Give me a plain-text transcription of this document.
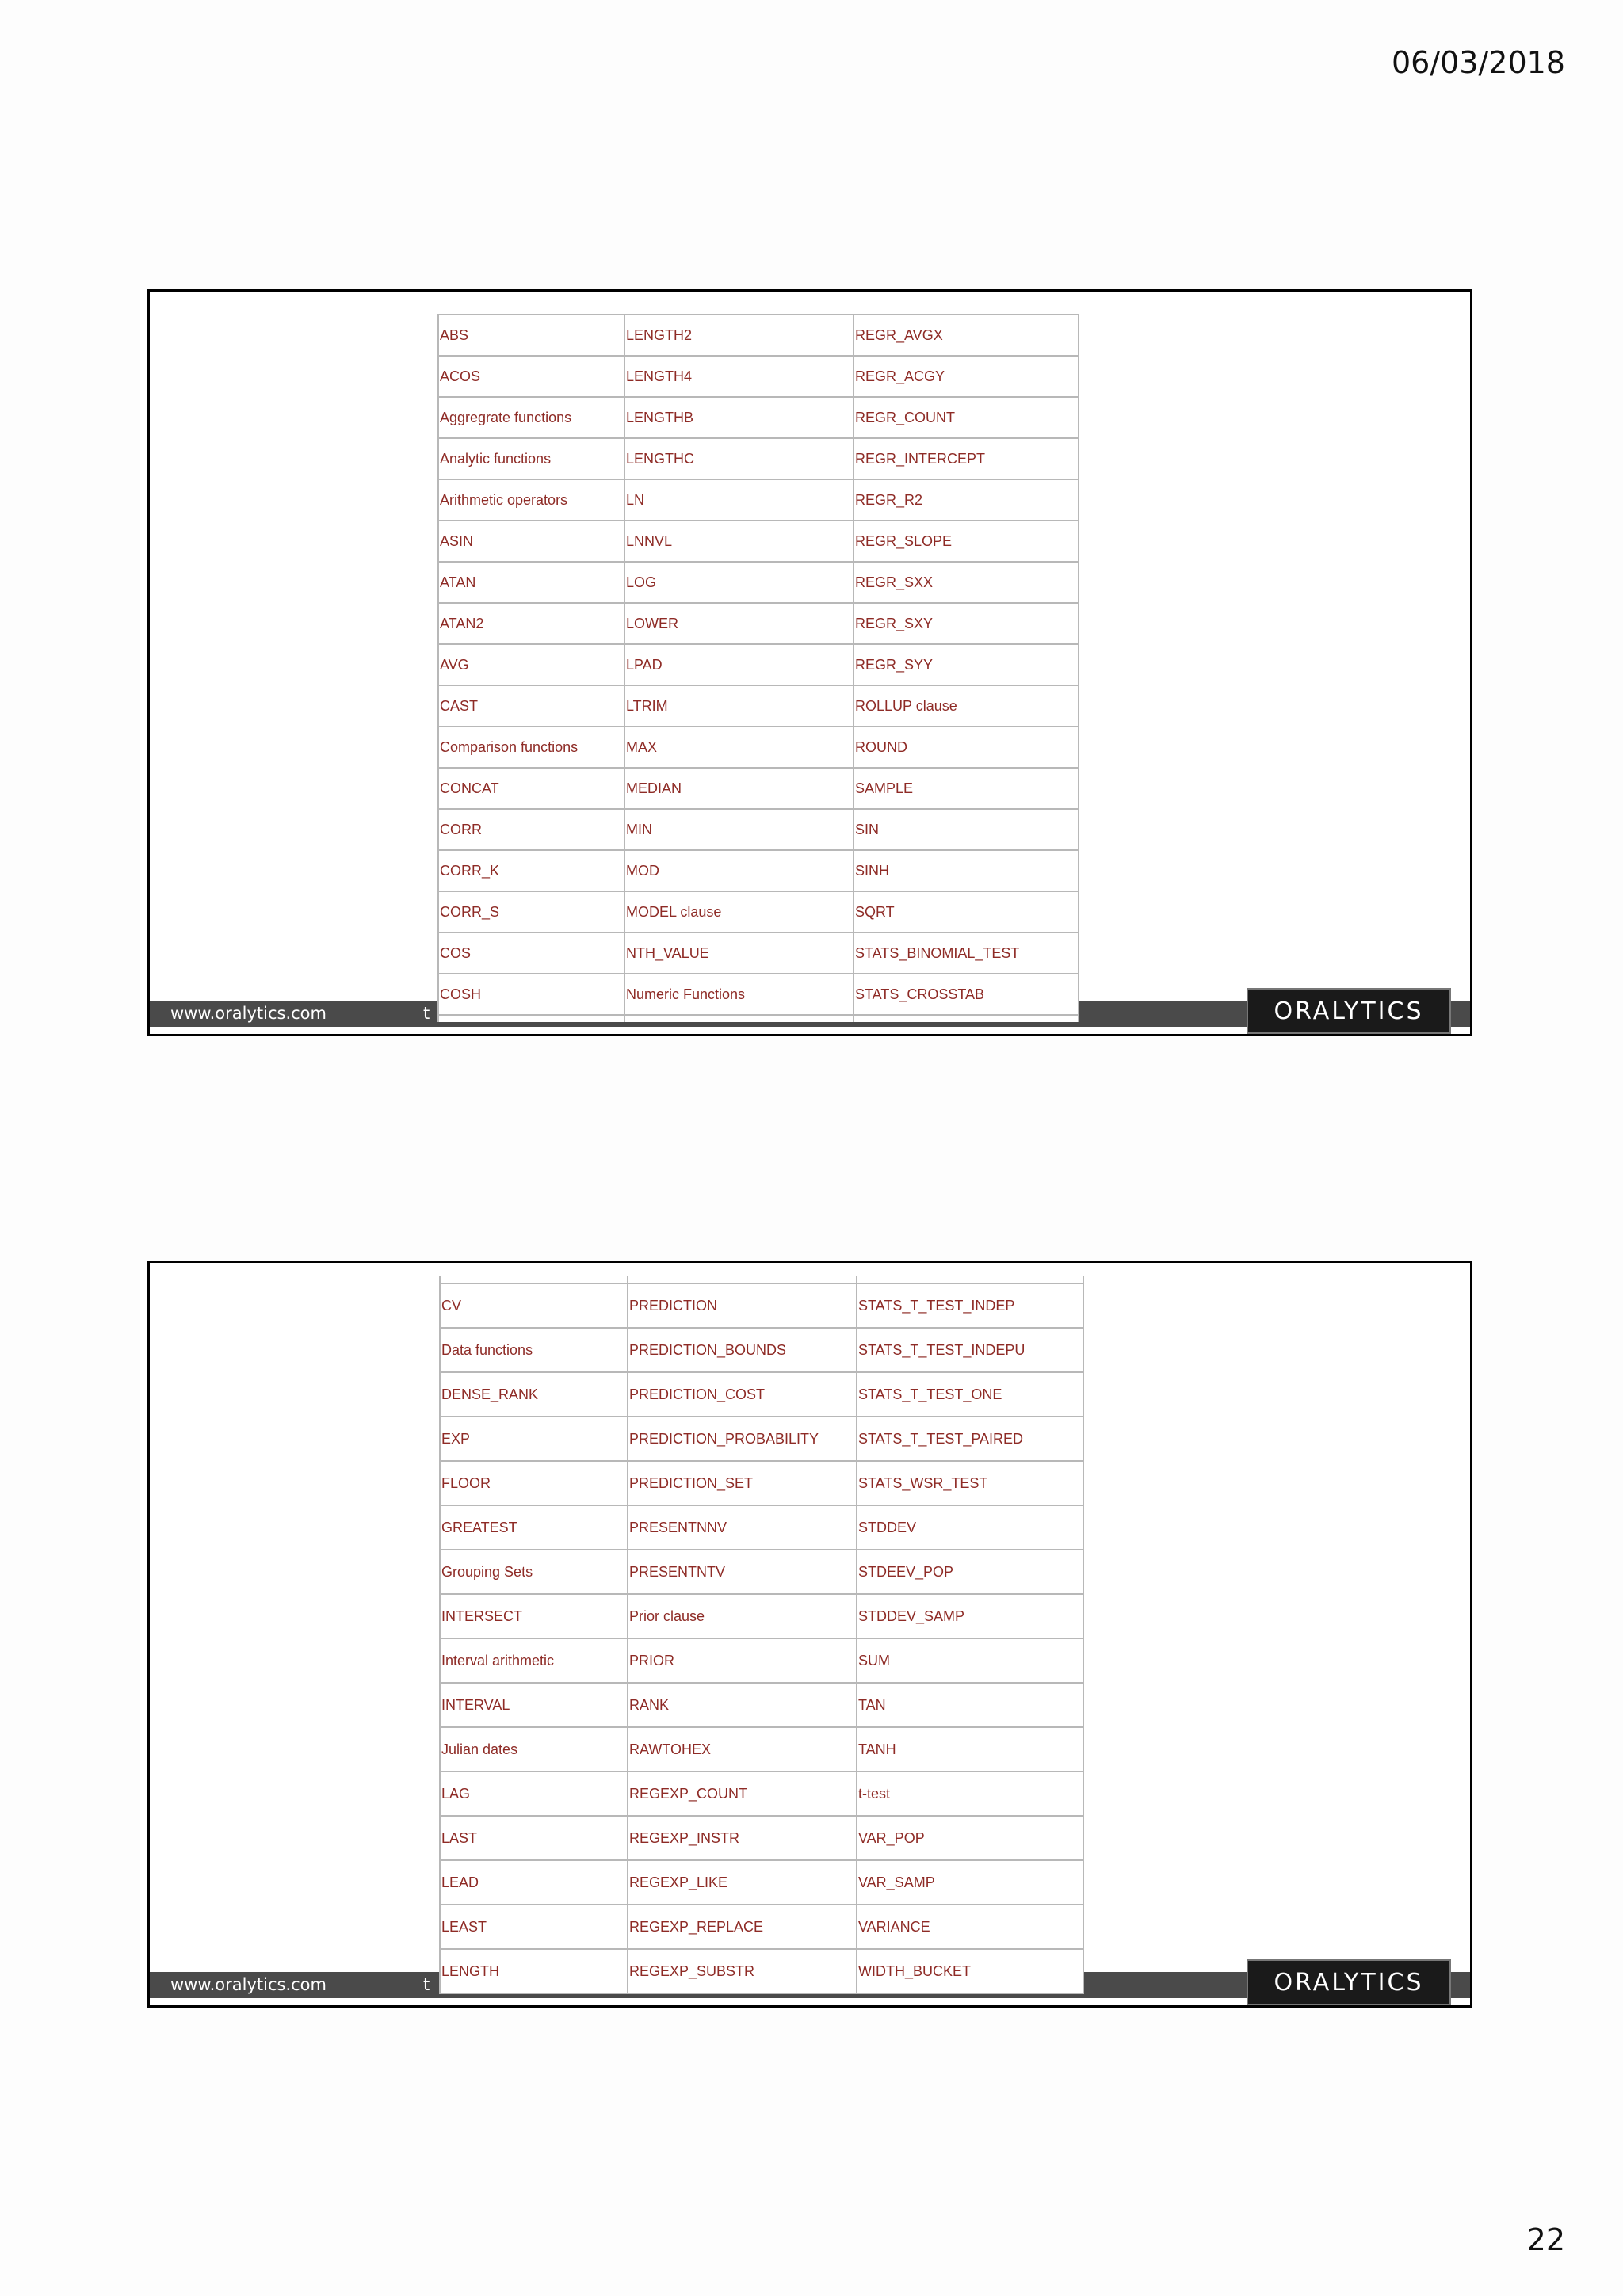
06/03/2018
ABS	LENGTH2	REGR_AVGX
ACOS	LENGTH4	REGR_ACGY
Aggregrate functions	LENGTHB	REGR_COUNT
Analytic functions	LENGTHC	REGR_INTERCEPT
Arithmetic operators	LN	REGR_R2
ASIN	LNNVL	REGR_SLOPE
ATAN	LOG	REGR_SXX
ATAN2	LOWER	REGR_SXY
AVG	LPAD	REGR_SYY
CAST	LTRIM	ROLLUP clause
Comparison functions	MAX	ROUND
CONCAT	MEDIAN	SAMPLE
CORR	MIN	SIN
CORR_K	MOD	SINH
CORR_S	MODEL clause	SQRT
COS	NTH_VALUE	STATS_BINOMIAL_TEST
COSH	Numeric Functions	STATS_CROSSTAB

www.oralytics.com	t	ORALYTICS

CV	PREDICTION	STATS_T_TEST_INDEP
Data functions	PREDICTION_BOUNDS	STATS_T_TEST_INDEPU
DENSE_RANK	PREDICTION_COST	STATS_T_TEST_ONE
EXP	PREDICTION_PROBABILITY	STATS_T_TEST_PAIRED
FLOOR	PREDICTION_SET	STATS_WSR_TEST
GREATEST	PRESENTNNV	STDDEV
Grouping Sets	PRESENTNTV	STDEEV_POP
INTERSECT	Prior clause	STDDEV_SAMP
Interval arithmetic	PRIOR	SUM
INTERVAL	RANK	TAN
Julian dates	RAWTOHEX	TANH
LAG	REGEXP_COUNT	t-test
LAST	REGEXP_INSTR	VAR_POP
LEAD	REGEXP_LIKE	VAR_SAMP
LEAST	REGEXP_REPLACE	VARIANCE
LENGTH	REGEXP_SUBSTR	WIDTH_BUCKET
www.oralytics.com	t	ORALYTICS
22
